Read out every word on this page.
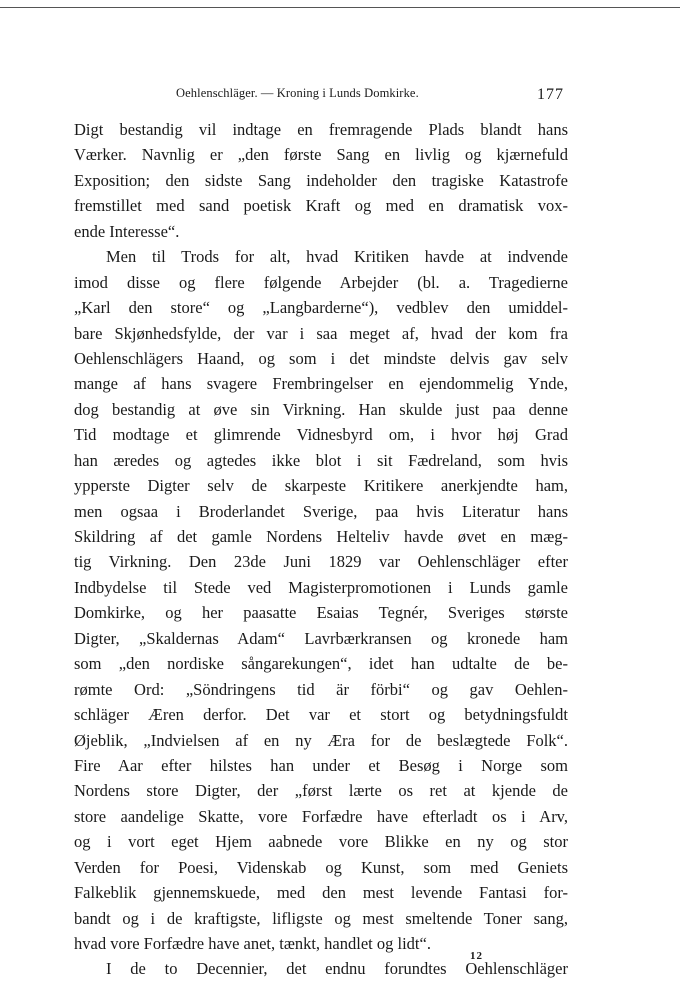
Oehlenschläger. — Kroning i Lunds Domkirke.	177
Digt bestandig vil indtage en fremragende Plads blandt hans
Værker. Navnlig er „den første Sang en livlig og kjærnefuld
Exposition; den sidste Sang indeholder den tragiske Katastrofe
fremstillet med sand poetisk Kraft og med en dramatisk vox-
ende Interesse“.
Men til Trods for alt, hvad Kritiken havde at indvende
imod disse og flere følgende Arbejder (bl. a. Tragedierne
„Karl den store“ og „Langbarderne“), vedblev den umiddel-
bare Skjønhedsfylde, der var i saa meget af, hvad der kom fra
Oehlenschlägers Haand, og som i det mindste delvis gav selv
mange af hans svagere Frembringelser en ejendommelig Ynde,
dog bestandig at øve sin Virkning. Han skulde just paa denne
Tid modtage et glimrende Vidnesbyrd om, i hvor høj Grad
han æredes og agtedes ikke blot i sit Fædreland, som hvis
ypperste Digter selv de skarpeste Kritikere anerkjendte ham,
men ogsaa i Broderlandet Sverige, paa hvis Literatur hans
Skildring af det gamle Nordens Helteliv havde øvet en mæg-
tig Virkning. Den 23de Juni 1829 var Oehlenschläger efter
Indbydelse til Stede ved Magisterpromotionen i Lunds gamle
Domkirke, og her paasatte Esaias Tegnér, Sveriges største
Digter, „Skaldernas Adam“ Lavrbærkransen og kronede ham
som „den nordiske sångarekungen“, idet han udtalte de be-
rømte Ord: „Söndringens tid är förbi“ og gav Oehlen-
schläger Æren derfor. Det var et stort og betydningsfuldt
Øjeblik, „Indvielsen af en ny Æra for de beslægtede Folk“.
Fire Aar efter hilstes han under et Besøg i Norge som
Nordens store Digter, der „først lærte os ret at kjende de
store aandelige Skatte, vore Forfædre have efterladt os i Arv,
og i vort eget Hjem aabnede vore Blikke en ny og stor
Verden for Poesi, Videnskab og Kunst, som med Geniets
Falkeblik gjennemskuede, med den mest levende Fantasi for-
bandt og i de kraftigste, lifligste og mest smeltende Toner sang,
hvad vore Forfædre have anet, tænkt, handlet og lidt“.
I de to Decennier, det endnu forundtes Oehlenschläger
12
